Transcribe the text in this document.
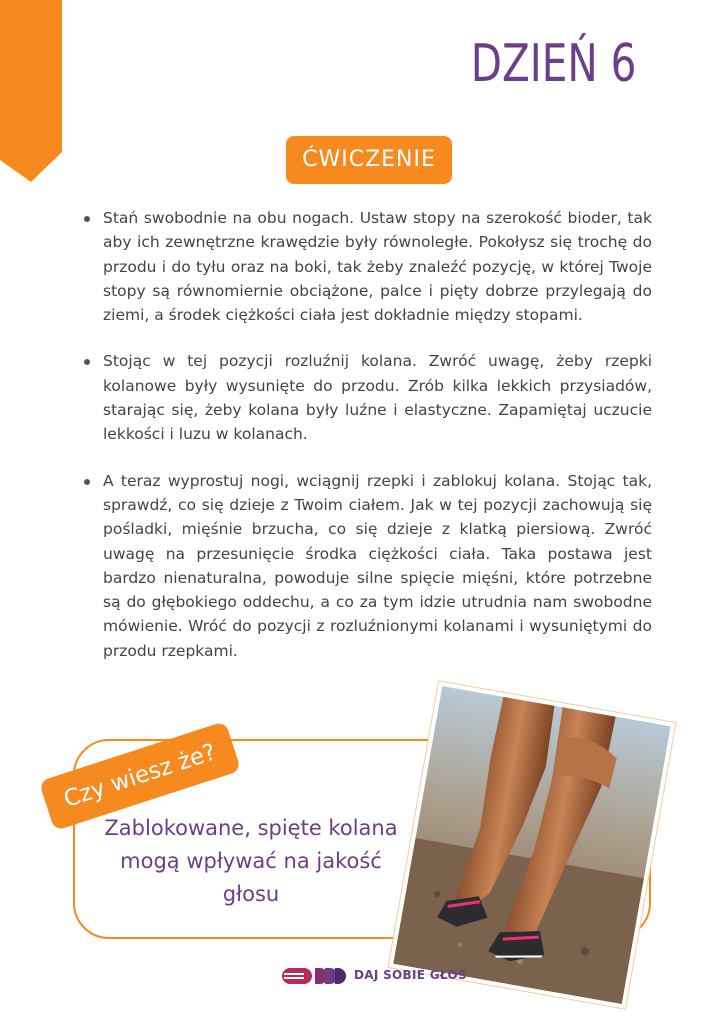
DZIEŃ 6
ĆWICZENIE
Stań swobodnie na obu nogach. Ustaw stopy na szerokość bioder, tak aby ich zewnętrzne krawędzie były równoległe. Pokołysz się trochę do przodu i do tyłu oraz na boki, tak żeby znaleźć pozycję, w której Twoje stopy są równomiernie obciążone, palce i pięty dobrze przylegają do ziemi, a środek ciężkości ciała jest dokładnie między stopami.
Stojąc w tej pozycji rozluźnij kolana. Zwróć uwagę, żeby rzepki kolanowe były wysunięte do przodu. Zrób kilka lekkich przysiadów, starając się, żeby kolana były luźne i elastyczne. Zapamiętaj uczucie lekkości i luzu w kolanach.
A teraz wyprostuj nogi, wciągnij rzepki i zablokuj kolana. Stojąc tak, sprawdź, co się dzieje z Twoim ciałem. Jak w tej pozycji zachowują się pośladki, mięśnie brzucha, co się dzieje z klatką piersiową. Zwróć uwagę na przesunięcie środka ciężkości ciała. Taka postawa jest bardzo nienaturalna, powoduje silne spięcie mięśni, które potrzebne są do głębokiego oddechu, a co za tym idzie utrudnia nam swobodne mówienie. Wróć do pozycji z rozluźnionymi kolanami i wysuniętymi do przodu rzepkami.
Zablokowane, spięte kolana mogą wpływać na jakość głosu
Czy wiesz że?
DAJ SOBIE GŁOS
